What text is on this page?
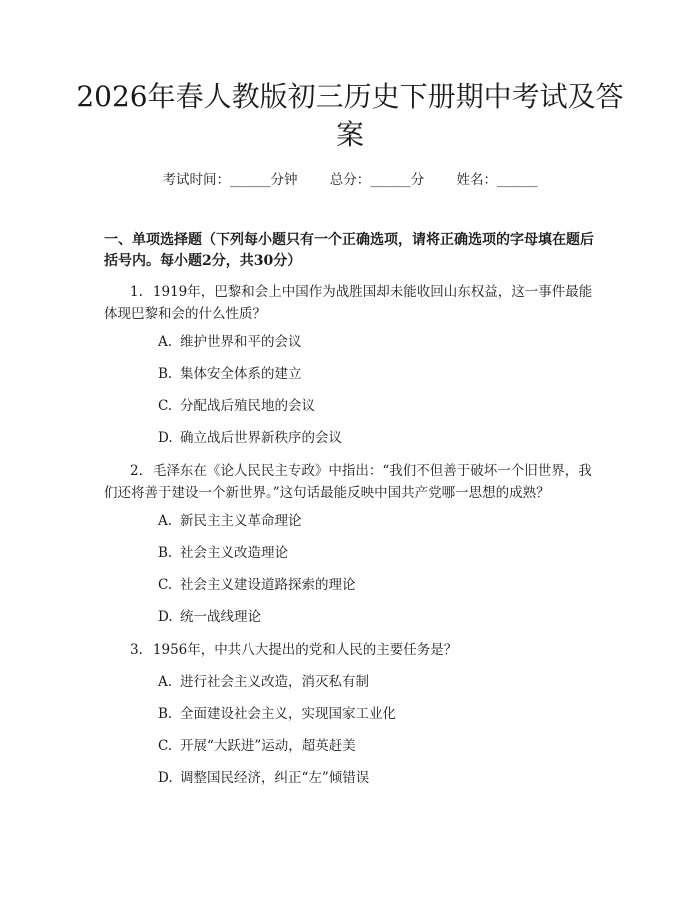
2026年春人教版初三历史下册期中考试及答案
考试时间：______分钟 总分：______分 姓名：______

一、单项选择题（下列每小题只有一个正确选项，请将正确选项的字母填在题后括号内。每小题2分，共30分）

1. 1919年，巴黎和会上中国作为战胜国却未能收回山东权益，这一事件最能体现巴黎和会的什么性质？

A. 维护世界和平的会议
B. 集体安全体系的建立
C. 分配战后殖民地的会议
D. 确立战后世界新秩序的会议

2. 毛泽东在《论人民民主专政》中指出：“我们不但善于破坏一个旧世界，我们还将善于建设一个新世界。”这句话最能反映中国共产党哪一思想的成熟？

A. 新民主主义革命理论
B. 社会主义改造理论
C. 社会主义建设道路探索的理论
D. 统一战线理论

3. 1956年，中共八大提出的党和人民的主要任务是？

A. 进行社会主义改造，消灭私有制
B. 全面建设社会主义，实现国家工业化
C. 开展“大跃进”运动，超英赶美
D. 调整国民经济，纠正“左”倾错误
